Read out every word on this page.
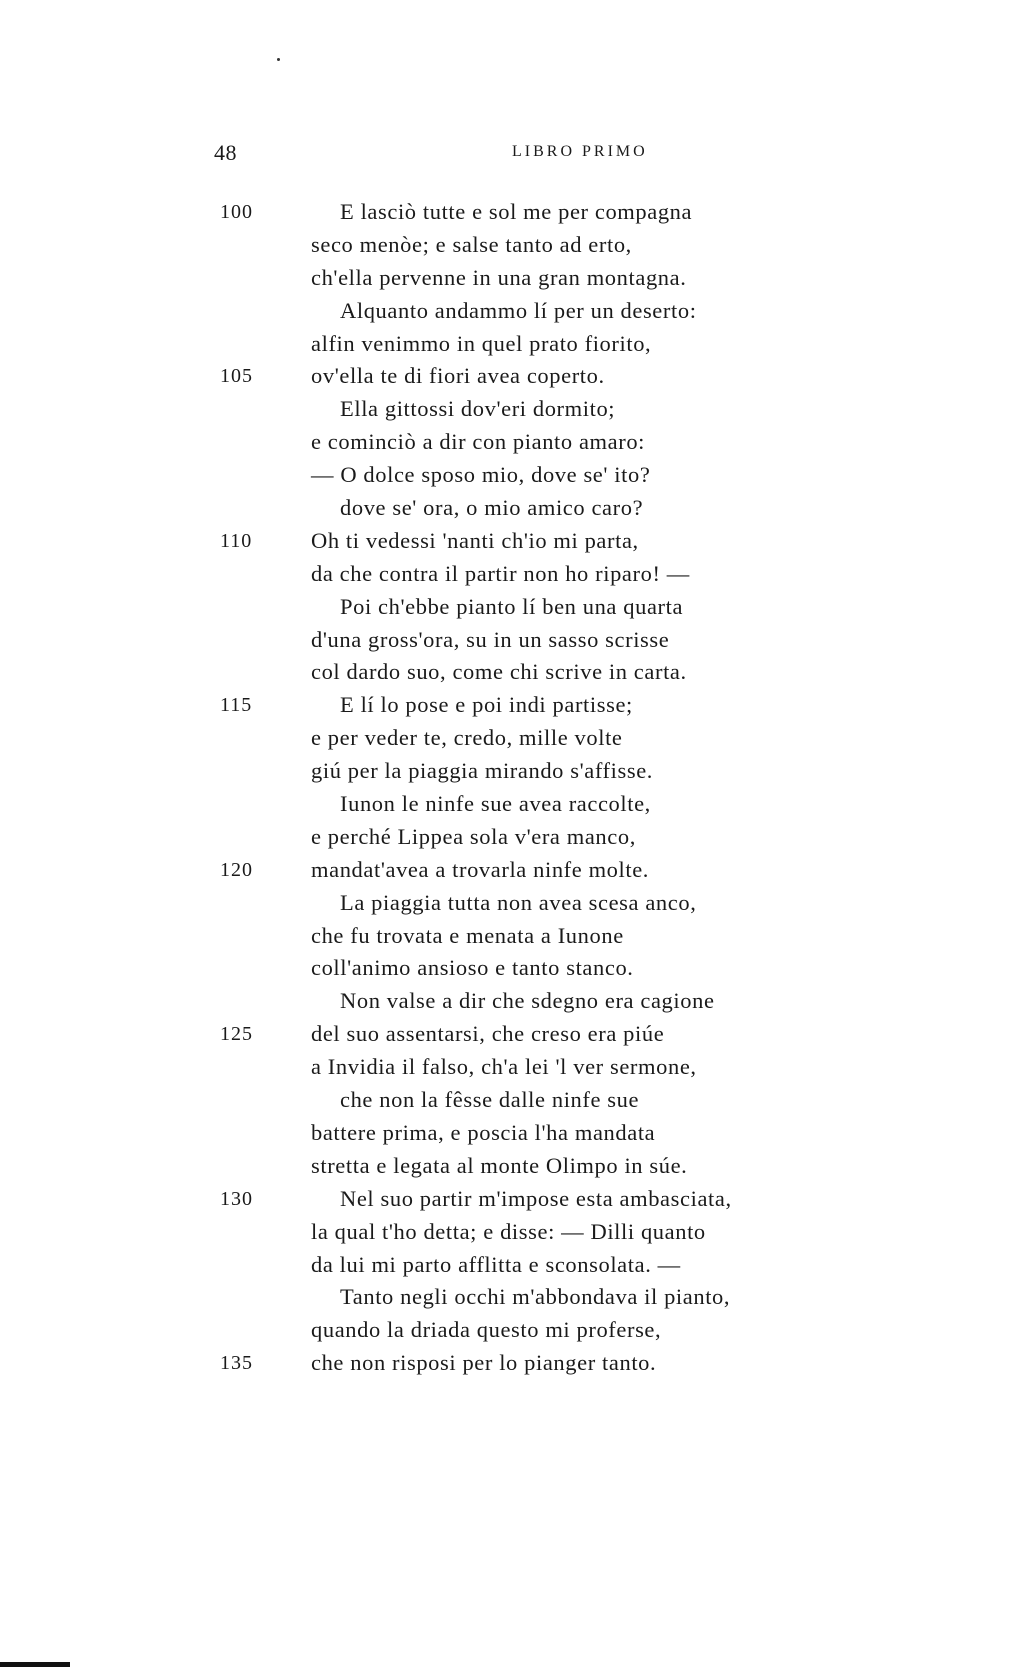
48	LIBRO PRIMO
100	E lasciò tutte e sol me per compagna
seco menòe; e salse tanto ad erto,
ch'ella pervenne in una gran montagna.
Alquanto andammo lí per un deserto:
alfin venimmo in quel prato fiorito,
105	ov'ella te di fiori avea coperto.
Ella gittossi dov'eri dormito;
e cominciò a dir con pianto amaro:
— O dolce sposo mio, dove se' ito?
dove se' ora, o mio amico caro?
110	Oh ti vedessi 'nanti ch'io mi parta,
da che contra il partir non ho riparo! —
Poi ch'ebbe pianto lí ben una quarta
d'una gross'ora, su in un sasso scrisse
col dardo suo, come chi scrive in carta.
115	E lí lo pose e poi indi partisse;
e per veder te, credo, mille volte
giú per la piaggia mirando s'affisse.
Iunon le ninfe sue avea raccolte,
e perché Lippea sola v'era manco,
120	mandat'avea a trovarla ninfe molte.
La piaggia tutta non avea scesa anco,
che fu trovata e menata a Iunone
coll'animo ansioso e tanto stanco.
Non valse a dir che sdegno era cagione
125	del suo assentarsi, che creso era piúe
a Invidia il falso, ch'a lei 'l ver sermone,
che non la fêsse dalle ninfe sue
battere prima, e poscia l'ha mandata
stretta e legata al monte Olimpo in súe.
130	Nel suo partir m'impose esta ambasciata,
la qual t'ho detta; e disse: — Dilli quanto
da lui mi parto afflitta e sconsolata. —
Tanto negli occhi m'abbondava il pianto,
quando la driada questo mi proferse,
135	che non risposi per lo pianger tanto.
